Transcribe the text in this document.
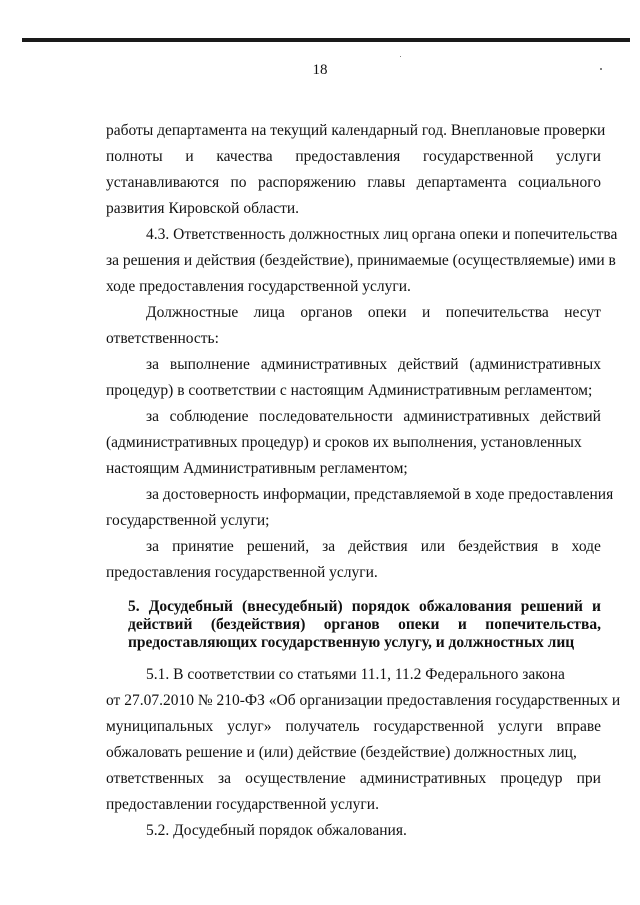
18
работы департамента на текущий календарный год. Внеплановые проверки
полноты и качества предоставления государственной услуги
устанавливаются по распоряжению главы департамента социального
развития Кировской области.
4.3. Ответственность должностных лиц органа опеки и попечительства
за решения и действия (бездействие), принимаемые (осуществляемые) ими в
ходе предоставления государственной услуги.
Должностные лица органов опеки и попечительства несут
ответственность:
за выполнение административных действий (административных
процедур) в соответствии с настоящим Административным регламентом;
за соблюдение последовательности административных действий
(административных процедур) и сроков их выполнения, установленных
настоящим Административным регламентом;
за достоверность информации, представляемой в ходе предоставления
государственной услуги;
за принятие решений, за действия или бездействия в ходе
предоставления государственной услуги.
5. Досудебный (внесудебный) порядок обжалования решений и
действий (бездействия) органов опеки и попечительства,
предоставляющих государственную услугу, и должностных лиц
5.1. В соответствии со статьями 11.1, 11.2 Федерального закона
от 27.07.2010 № 210-ФЗ «Об организации предоставления государственных и
муниципальных услуг» получатель государственной услуги вправе
обжаловать решение и (или) действие (бездействие) должностных лиц,
ответственных за осуществление административных процедур при
предоставлении государственной услуги.
5.2. Досудебный порядок обжалования.
